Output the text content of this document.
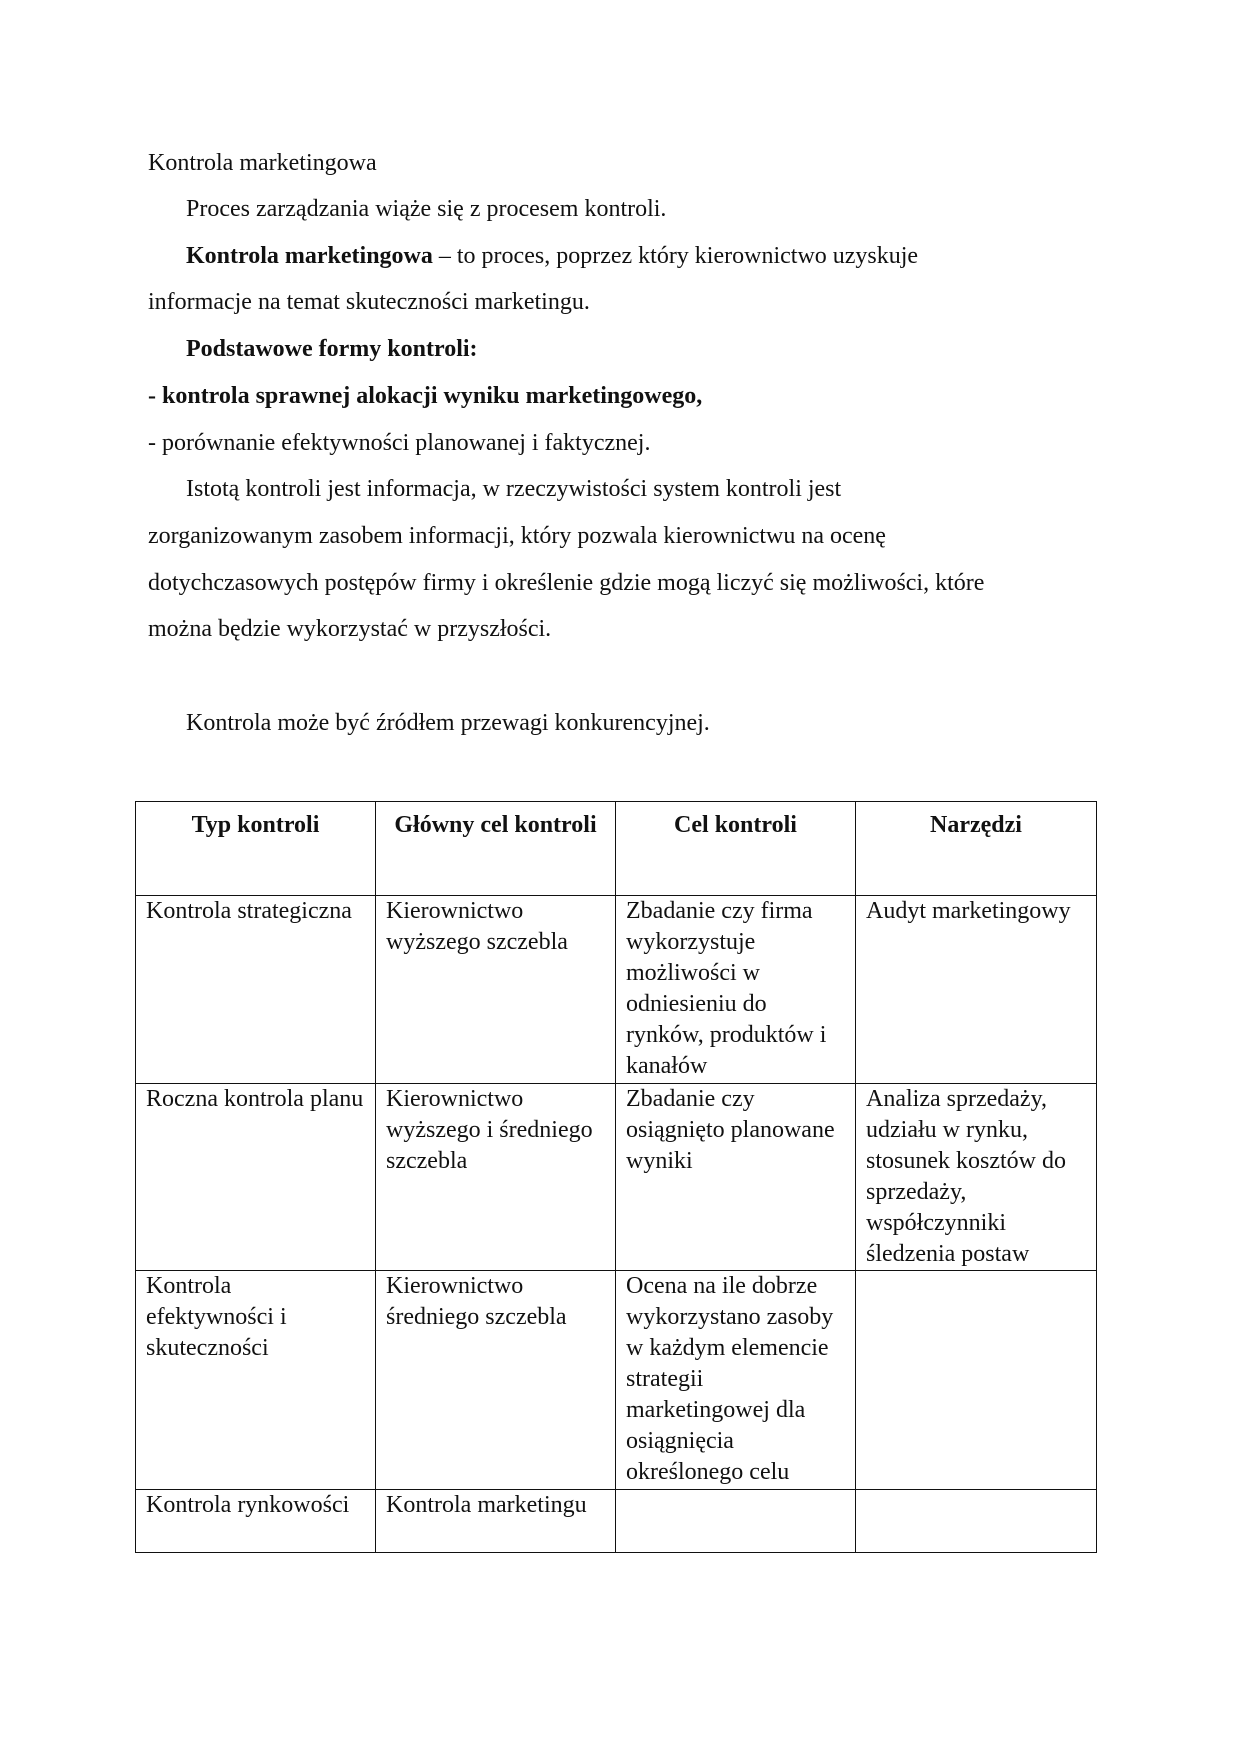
Kontrola marketingowa
Proces zarządzania wiąże się z procesem kontroli.
Kontrola marketingowa – to proces, poprzez który kierownictwo uzyskuje
informacje na temat skuteczności marketingu.
Podstawowe formy kontroli:
- kontrola sprawnej alokacji wyniku marketingowego,
- porównanie efektywności planowanej i faktycznej.
Istotą kontroli jest informacja, w rzeczywistości system kontroli jest
zorganizowanym zasobem informacji, który pozwala kierownictwu na ocenę
dotychczasowych postępów firmy i określenie gdzie mogą liczyć się możliwości, które
można będzie wykorzystać w przyszłości.
Kontrola może być źródłem przewagi konkurencyjnej.
Typ kontroli	Główny cel kontroli	Cel kontroli	Narzędzi
Kontrola strategiczna	Kierownictwo wyższego szczebla	Zbadanie czy firma wykorzystuje możliwości w odniesieniu do rynków, produktów i kanałów	Audyt marketingowy
Roczna kontrola planu	Kierownictwo wyższego i średniego szczebla	Zbadanie czy osiągnięto planowane wyniki	Analiza sprzedaży, udziału w rynku, stosunek kosztów do sprzedaży, współczynniki śledzenia postaw
Kontrola efektywności i skuteczności	Kierownictwo średniego szczebla	Ocena na ile dobrze wykorzystano zasoby w każdym elemencie strategii marketingowej dla osiągnięcia określonego celu	
Kontrola rynkowości	Kontrola marketingu		
